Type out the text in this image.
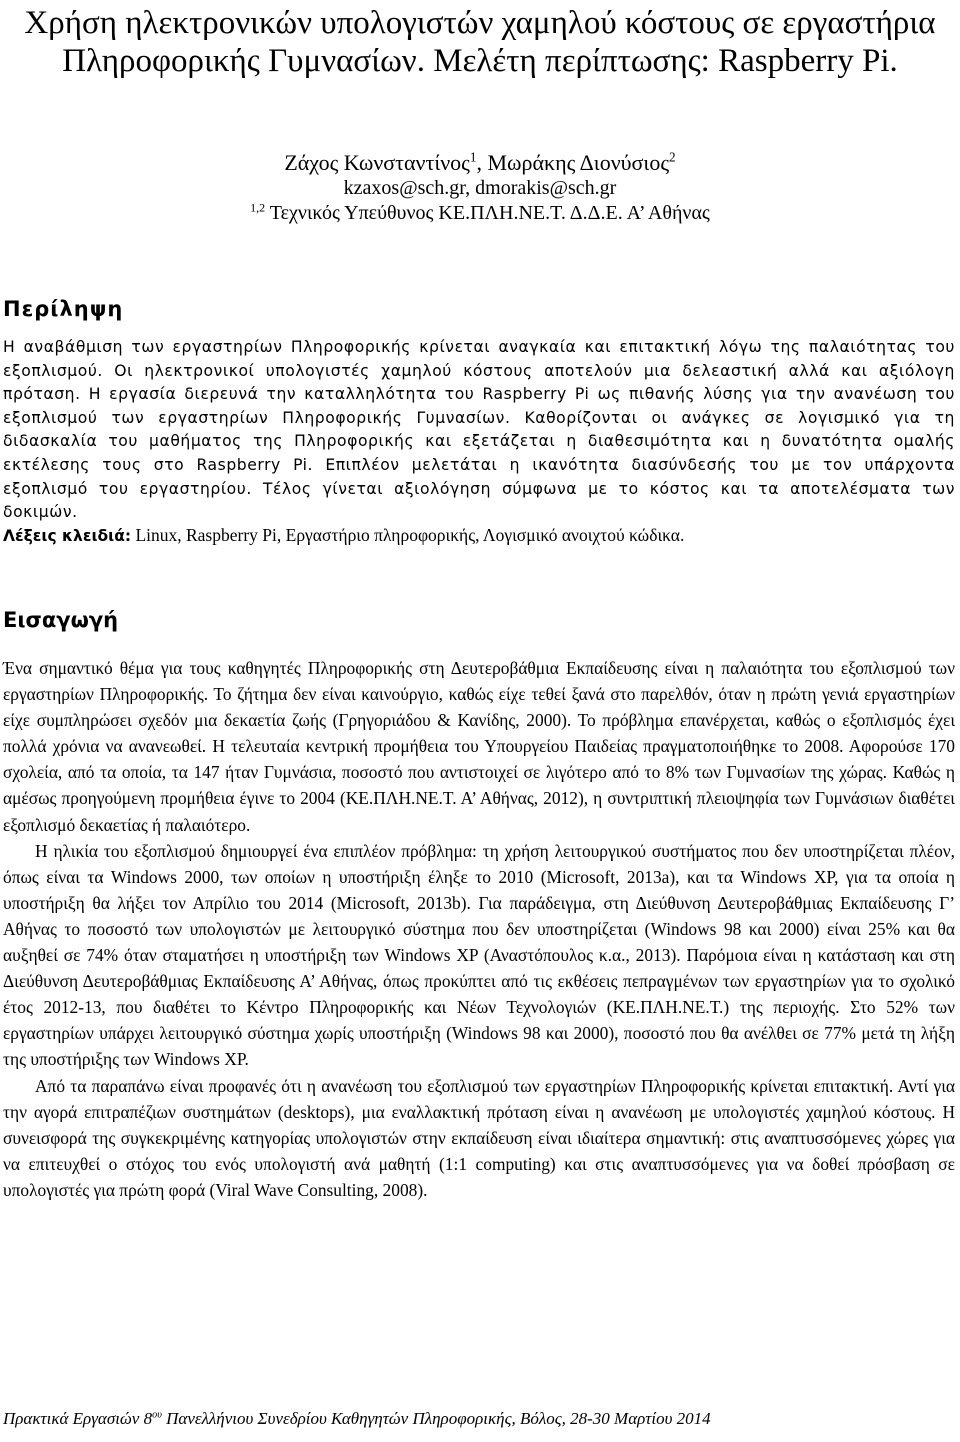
Χρήση ηλεκτρονικών υπολογιστών χαμηλού κόστους σε εργαστήρια Πληροφορικής Γυμνασίων. Μελέτη περίπτωσης: Raspberry Pi.
Ζάχος Κωνσταντίνος$^1$, Μωράκης Διονύσιος$^2$
kzaxos@sch.gr, dmorakis@sch.gr
$^{1,2}$ Τεχνικός Υπεύθυνος ΚΕ.ΠΛΗ.ΝΕ.Τ. Δ.Δ.Ε. Α’ Αθήνας
Περίληψη

Η αναβάθμιση των εργαστηρίων Πληροφορικής κρίνεται αναγκαία και επιτακτική λόγω της παλαιότητας του εξοπλισμού. Οι ηλεκτρονικοί υπολογιστές χαμηλού κόστους αποτελούν μια δελεαστική αλλά και αξιόλογη πρόταση. Η εργασία διερευνά την καταλληλότητα του Raspberry Pi ως πιθανής λύσης για την ανανέωση του εξοπλισμού των εργαστηρίων Πληροφορικής Γυμνασίων. Καθορίζονται οι ανάγκες σε λογισμικό για τη διδασκαλία του μαθήματος της Πληροφορικής και εξετάζεται η διαθεσιμότητα και η δυνατότητα ομαλής εκτέλεσης τους στο Raspberry Pi. Επιπλέον μελετάται η ικανότητα διασύνδεσής του με τον υπάρχοντα εξοπλισμό του εργαστηρίου. Τέλος γίνεται αξιολόγηση σύμφωνα με το κόστος και τα αποτελέσματα των δοκιμών.

Λέξεις κλειδιά: Linux, Raspberry Pi, Εργαστήριο πληροφορικής, Λογισμικό ανοιχτού κώδικα.
Εισαγωγή

Ένα σημαντικό θέμα για τους καθηγητές Πληροφορικής στη Δευτεροβάθμια Εκπαίδευσης είναι η παλαιότητα του εξοπλισμού των εργαστηρίων Πληροφορικής. Το ζήτημα δεν είναι καινούργιο, καθώς είχε τεθεί ξανά στο παρελθόν, όταν η πρώτη γενιά εργαστηρίων είχε συμπληρώσει σχεδόν μια δεκαετία ζωής (Γρηγοριάδου & Κανίδης, 2000). Το πρόβλημα επανέρχεται, καθώς ο εξοπλισμός έχει πολλά χρόνια να ανανεωθεί. Η τελευταία κεντρική προμήθεια του Υπουργείου Παιδείας πραγματοποιήθηκε το 2008. Αφορούσε 170 σχολεία, από τα οποία, τα 147 ήταν Γυμνάσια, ποσοστό που αντιστοιχεί σε λιγότερο από το 8% των Γυμνασίων της χώρας. Καθώς η αμέσως προηγούμενη προμήθεια έγινε το 2004 (ΚΕ.ΠΛΗ.ΝΕ.Τ. Α’ Αθήνας, 2012), η συντριπτική πλειοψηφία των Γυμνάσιων διαθέτει εξοπλισμό δεκαετίας ή παλαιότερο.

Η ηλικία του εξοπλισμού δημιουργεί ένα επιπλέον πρόβλημα: τη χρήση λειτουργικού συστήματος που δεν υποστηρίζεται πλέον, όπως είναι τα Windows 2000, των οποίων η υποστήριξη έληξε το 2010 (Microsoft, 2013a), και τα Windows XP, για τα οποία η υποστήριξη θα λήξει τον Απρίλιο του 2014 (Microsoft, 2013b). Για παράδειγμα, στη Διεύθυνση Δευτεροβάθμιας Εκπαίδευσης Γ’ Αθήνας το ποσοστό των υπολογιστών με λειτουργικό σύστημα που δεν υποστηρίζεται (Windows 98 και 2000) είναι 25% και θα αυξηθεί σε 74% όταν σταματήσει η υποστήριξη των Windows XP (Αναστόπουλος κ.α., 2013). Παρόμοια είναι η κατάσταση και στη Διεύθυνση Δευτεροβάθμιας Εκπαίδευσης Α’ Αθήνας, όπως προκύπτει από τις εκθέσεις πεπραγμένων των εργαστηρίων για το σχολικό έτος 2012-13, που διαθέτει το Κέντρο Πληροφορικής και Νέων Τεχνολογιών (ΚΕ.ΠΛΗ.ΝΕ.Τ.) της περιοχής. Στο 52% των εργαστηρίων υπάρχει λειτουργικό σύστημα χωρίς υποστήριξη (Windows 98 και 2000), ποσοστό που θα ανέλθει σε 77% μετά τη λήξη της υποστήριξης των Windows XP.

Από τα παραπάνω είναι προφανές ότι η ανανέωση του εξοπλισμού των εργαστηρίων Πληροφορικής κρίνεται επιτακτική. Αντί για την αγορά επιτραπέζιων συστημάτων (desktops), μια εναλλακτική πρόταση είναι η ανανέωση με υπολογιστές χαμηλού κόστους. Η συνεισφορά της συγκεκριμένης κατηγορίας υπολογιστών στην εκπαίδευση είναι ιδιαίτερα σημαντική: στις αναπτυσσόμενες χώρες για να επιτευχθεί ο στόχος του ενός υπολογιστή ανά μαθητή (1:1 computing) και στις αναπτυσσόμενες για να δοθεί πρόσβαση σε υπολογιστές για πρώτη φορά (Viral Wave Consulting, 2008).

Πρακτικά Εργασιών $8^{o\upsilon}$ Πανελλήνιου Συνεδρίου Καθηγητών Πληροφορικής, Βόλος, 28-30 Μαρτίου 2014
